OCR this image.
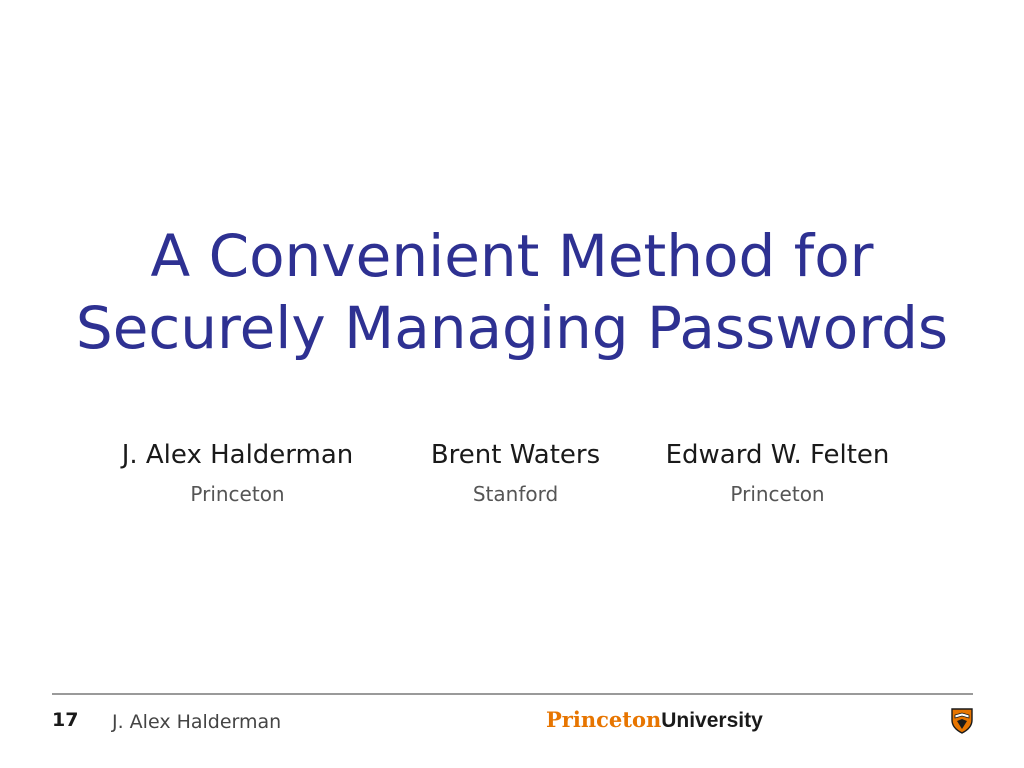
A Convenient Method for
Securely Managing Passwords
J. Alex Halderman
Princeton
Brent Waters
Stanford
Edward W. Felten
Princeton
17 J. Alex Halderman	PrincetonUniversity
